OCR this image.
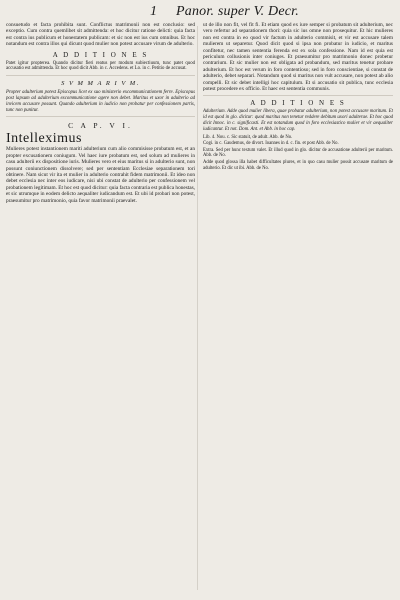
1 Panor. super V. Decr.

consuetudo et facta prohibita sunt. Conflictus matrimonii non est conclusio: sed exceptio. Cum contra quemlibet sit admittenda: et hoc dicitur ratione delicti: quia facta est contra ius publicum et honestatem publicam: et sic non est ius cum omnibus. Et hoc notandum est contra illos qui dicunt quod mulier non potest accusare virum de adulterio.

A D D I T I O N E S

Patet igitur propterea. Quando dicitur fieri reatus per modum subiectiuum, tunc patet quod accusatio est admittenda. Et hoc quod dicit Abb. in c. Accedens. et Lo. in c. Petitio de accusat.

S V M M A R I V M.

Propter adulterium potest Episcopus licet ex suo ministerio excommunicationem ferre. Episcopus post lapsum ad adulterium excommunicatione agere non debet. Maritus et uxor in adulterio ad invicem accusare possunt. Quando adulterium in iudicio non probatur per confessionem partis, tunc non punitur.

C A P. V I.

Intelleximus

Mulieres potest instantionem mariti adulterium cum alio commisisse probatum est, et an propter excusationem coniugum. Vel haec iure probatum est, sed solum ad mulieres in casu adulterii ex dispositione iuris. Mulieres vero et eius maritus si in adulterio sunt, non possunt coniunctionem dissolvere; sed per sententiam Ecclesiae separationem tori obtinere. Nam sicut vir ita et mulier in adulterio contrahit fidem matrimonii. Et ideo non debet ecclesia nec inter eos iudicare, nisi ubi constat de adulterio per confessionem vel probationem legitimam. Et hoc est quod dicitur: quia facta contraria est publica honestas, et sic utrumque in eodem delicto aequaliter iudicandum est. Et ubi id probari non potest, praesumitur pro matrimonio, quia favor matrimonii praevalet.

ut de illo non fit, vel fit fi. Et etiam quod ex iure semper si probatum sit adulterium, nec vero refertur ad separationem thori: quia sic ius omne non prosequitur. Et hic mulieres non est contra in eo quod vir factum in adulterio commisit, et vir est accusare talem mulierem ut separetur. Quod dicit quod si ipsa non probatur in iudicio, et maritus confitetur, nec tamen sententia ferenda est ex sola confessione. Nam id est quia est periculum collusionis inter coniuges. Et praesumitur pro matrimonio donec probetur contrarium. Et sic mulier non est obligata ad probandum, sed maritus tenetur probare adulterium. Et hoc est verum in foro contentioso; sed in foro conscientiae, si constat de adulterio, debet separari. Notandum quod si maritus non vult accusare, non potest ab alio compelli. Et sic debet intelligi hoc capitulum. Et si accusatio sit publica, tunc ecclesia potest procedere ex officio. Et haec est sententia communis.

A D D I T I O N E S

Adulterium. Adde quod mulier libera, quae probatur adulterium, non potest accusare maritum. Et id est quod in glo. dicitur: quod maritus non tenetur reddere debitum uxori adulterae. Et hoc quod dicit Innoc. in c. significasti. Et est notandum quod in foro ecclesiastico mulier et vir aequaliter iudicantur. Et not. Dom. Ant. et Abb. in hoc cap.

Lib. 4. Nou. c. Sic statuit, de adult. Abb. de No.

Cogi. in c. Gaudemus, de divort. Ioannes in d. c. fin. et post Abb. de No.

Extra. Sed per hunc textum valet. Et illud quod in glo. dicitur de accusatione adulterii per maritum. Abb. de No.

Adde quod glossa illa habet difficultates plures, et in quo casu mulier possit accusare maritum de adulterio. Et dic ut ibi. Abb. de No.
